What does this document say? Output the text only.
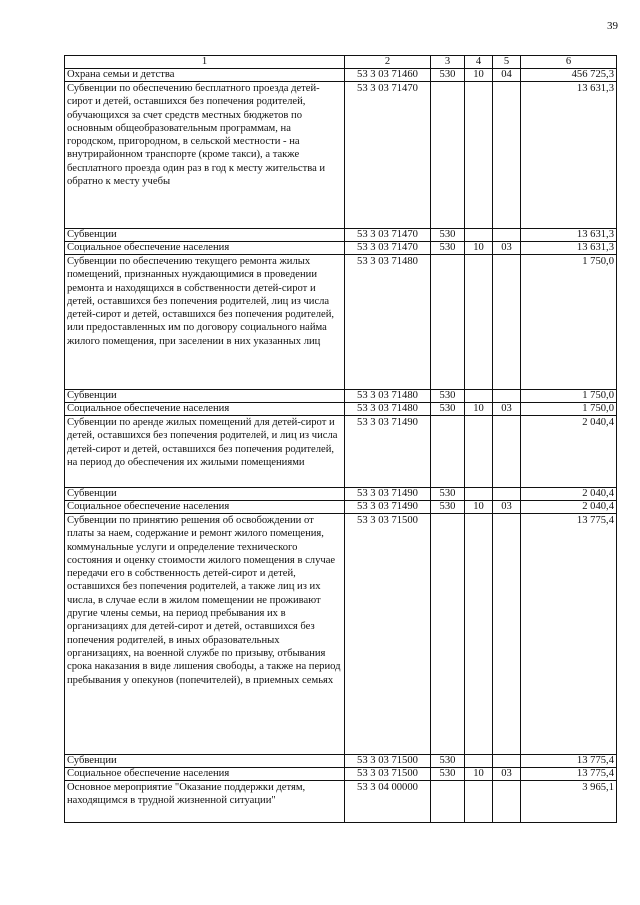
39
1	2	3	4	5	6
Охрана семьи и детства	53 3 03 71460	530	10	04	456 725,3
Субвенции по обеспечению бесплатного проезда детей-сирот и детей, оставшихся без попечения родителей, обучающихся за счет средств местных бюджетов по основным общеобразовательным программам, на городском, пригородном, в сельской местности - на внутрирайонном транспорте (кроме такси), а также бесплатного проезда один раз в год к месту жительства и обратно к месту учебы	53 3 03 71470				13 631,3
Субвенции	53 3 03 71470	530			13 631,3
Социальное обеспечение населения	53 3 03 71470	530	10	03	13 631,3
Субвенции по обеспечению текущего ремонта жилых помещений, признанных нуждающимися в проведении ремонта и находящихся в собственности детей-сирот и детей, оставшихся без попечения родителей, лиц из числа детей-сирот и детей, оставшихся без попечения родителей, или предоставленных им по договору социального найма жилого помещения, при заселении в них указанных лиц	53 3 03 71480				1 750,0
Субвенции	53 3 03 71480	530			1 750,0
Социальное обеспечение населения	53 3 03 71480	530	10	03	1 750,0
Субвенции по аренде жилых помещений для детей-сирот и детей, оставшихся без попечения родителей, и лиц из числа детей-сирот и детей, оставшихся без попечения родителей, на период до обеспечения их жилыми помещениями	53 3 03 71490				2 040,4
Субвенции	53 3 03 71490	530			2 040,4
Социальное обеспечение населения	53 3 03 71490	530	10	03	2 040,4
Субвенции по принятию решения об освобождении от платы за наем, содержание и ремонт жилого помещения, коммунальные услуги и определение технического состояния и оценку стоимости жилого помещения в случае передачи его в собственность детей-сирот и детей, оставшихся без попечения родителей, а также лиц из их числа, в случае если в жилом помещении не проживают другие члены семьи, на период пребывания их в организациях для детей-сирот и детей, оставшихся без попечения родителей, в иных образовательных организациях, на военной службе по призыву, отбывания срока наказания в виде лишения свободы, а также на период пребывания у опекунов (попечителей), в приемных семьях	53 3 03 71500				13 775,4
Субвенции	53 3 03 71500	530			13 775,4
Социальное обеспечение населения	53 3 03 71500	530	10	03	13 775,4
Основное мероприятие "Оказание поддержки детям, находящимся в трудной жизненной ситуации"	53 3 04 00000				3 965,1
